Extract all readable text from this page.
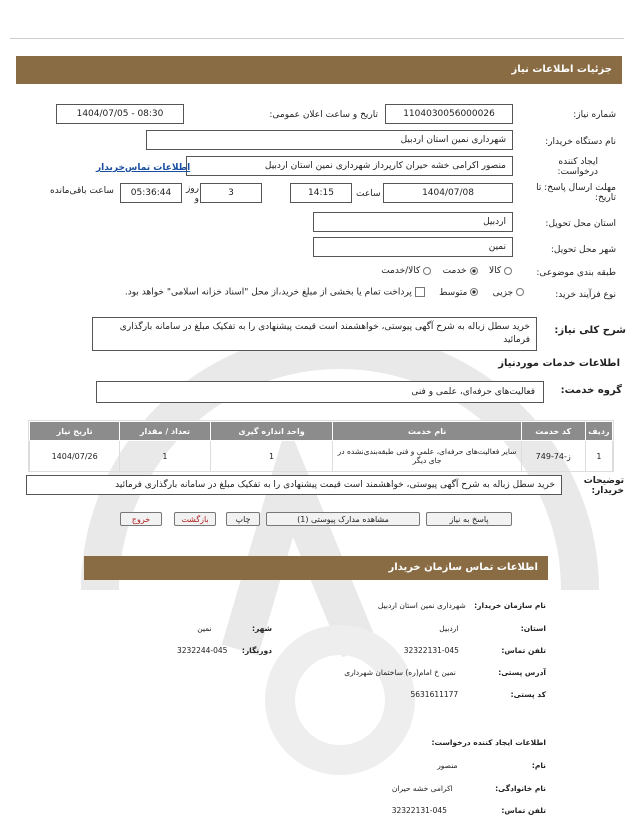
جزئیات اطلاعات نیاز
شماره نیاز:
1104030056000026
تاریخ و ساعت اعلان عمومی:
1404/07/05 - 08:30
نام دستگاه خریدار:
شهرداری نمین استان اردبیل
ایجاد کننده درخواست:
منصور اکرامی خشه حیران کارپرداز شهرداری نمین استان اردبیل
اطلاعات تماس‌خریدار
مهلت ارسال پاسخ: تا تاریخ:
1404/07/08
ساعت
14:15
3
روز و
05:36:44
ساعت باقی‌مانده
استان محل تحویل:
اردبیل
شهر محل تحویل:
نمین
طبقه بندی موضوعی:
کالا     خدمت     کالا/خدمت
نوع فرآیند خرید:
جزیی      متوسط      پرداخت تمام یا بخشی از مبلغ خرید،از محل "اسناد خزانه اسلامی" خواهد بود.
شرح کلی نیاز:
خرید سطل زباله به شرح آگهی پیوستی، خواهشمند است قیمت پیشنهادی را به تفکیک مبلغ در سامانه بارگذاری فرمائید
اطلاعات خدمات موردنیاز
گروه خدمت:
فعالیت‌های حرفه‌ای، علمی و فنی
ردیف	کد خدمت	نام خدمت	واحد اندازه گیری	تعداد / مقدار	تاریخ نیاز
1	ز-74-749	سایر فعالیت‌های حرفه‌ای، علمی و فنی طبقه‌بندی‌نشده در جای دیگر	1	1	1404/07/26
توضیحات خریدار:
خرید سطل زباله به شرح آگهی پیوستی، خواهشمند است قیمت پیشنهادی را به تفکیک مبلغ در سامانه بارگذاری فرمائید
پاسخ به نیاز
مشاهده مدارک پیوستی (1)
چاپ
بازگشت
خروج
اطلاعات تماس سازمان خریدار
نام سازمان خریدار: شهرداری نمین استان اردبیل
استان: اردبیل
شهر: نمین
تلفن تماس: 045-32322131
دورنگار: 045-3232244
آدرس پستی: نمین خ امام(ره) ساختمان شهرداری
کد پستی: 5631611177
اطلاعات ایجاد کننده درخواست:
نام: منصور
نام خانوادگی: اکرامی خشه حیران
تلفن تماس: 045-32322131
